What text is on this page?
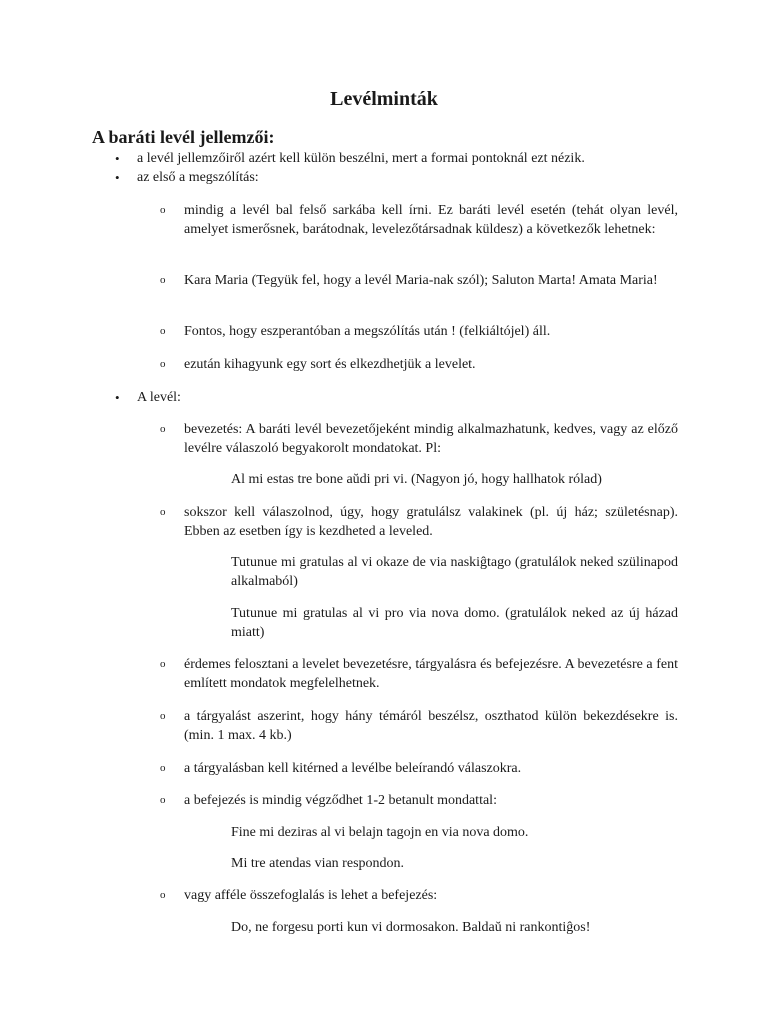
Levélminták
A baráti levél jellemzői:
• a levél jellemzőiről azért kell külön beszélni, mert a formai pontoknál ezt nézik.
• az első a megszólítás:
o mindig a levél bal felső sarkába kell írni. Ez baráti levél esetén (tehát olyan levél, amelyet ismerősnek, barátodnak, levelezőtársadnak küldesz) a következők lehetnek:
o Kara Maria (Tegyük fel, hogy a levél Maria-nak szól); Saluton Marta! Amata Maria!
o Fontos, hogy eszperantóban a megszólítás után ! (felkiáltójel) áll.
o ezután kihagyunk egy sort és elkezdhetjük a levelet.
• A levél:
o bevezetés: A baráti levél bevezetőjeként mindig alkalmazhatunk, kedves, vagy az előző levélre válaszoló begyakorolt mondatokat. Pl:
Al mi estas tre bone aŭdi pri vi. (Nagyon jó, hogy hallhatok rólad)
o sokszor kell válaszolnod, úgy, hogy gratulálsz valakinek (pl. új ház; születésnap). Ebben az esetben így is kezdheted a leveled.
Tutunue mi gratulas al vi okaze de via naskiĝtago (gratulálok neked szülinapod alkalmaból)
Tutunue mi gratulas al vi pro via nova domo. (gratulálok neked az új házad miatt)
o érdemes felosztani a levelet bevezetésre, tárgyalásra és befejezésre. A bevezetésre a fent említett mondatok megfelelhetnek.
o a tárgyalást aszerint, hogy hány témáról beszélsz, oszthatod külön bekezdésekre is. (min. 1 max. 4 kb.)
o a tárgyalásban kell kitérned a levélbe beleírandó válaszokra.
o a befejezés is mindig végződhet 1-2 betanult mondattal:
Fine mi deziras al vi belajn tagojn en via nova domo.
Mi tre atendas vian respondon.
o vagy afféle összefoglalás is lehet a befejezés:
Do, ne forgesu porti kun vi dormosakon. Baldaŭ ni rankontiĝos!
